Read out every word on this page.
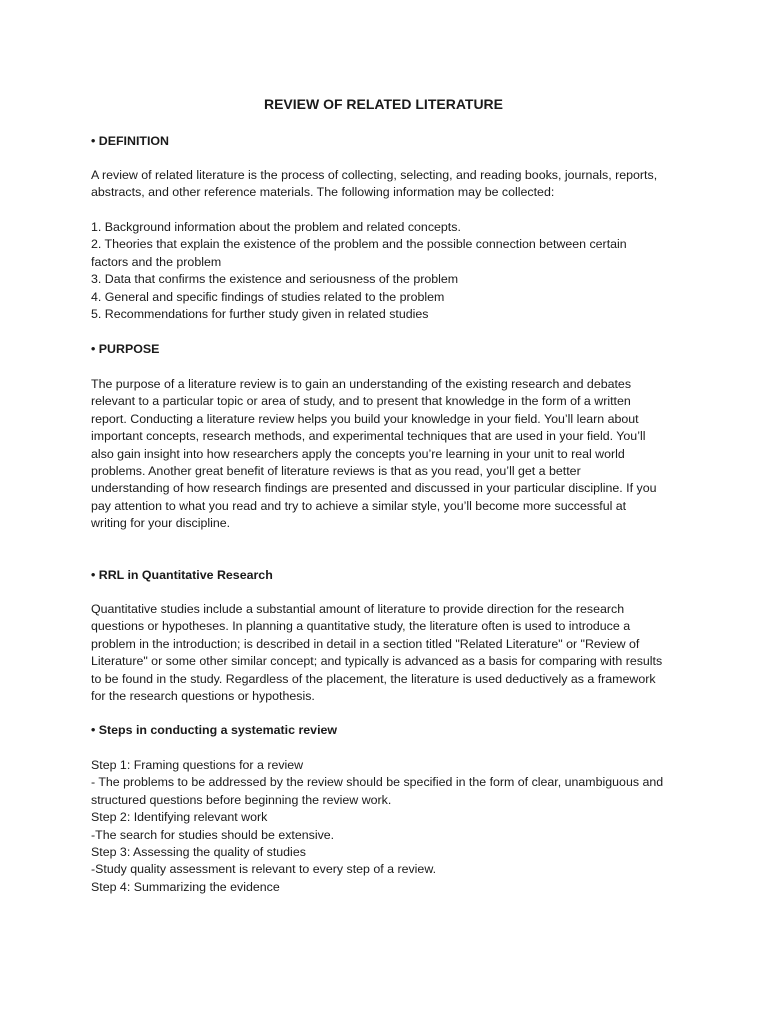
REVIEW OF RELATED LITERATURE
• DEFINITION
A review of related literature is the process of collecting, selecting, and reading books, journals, reports,
abstracts, and other reference materials. The following information may be collected:
1. Background information about the problem and related concepts.
2. Theories that explain the existence of the problem and the possible connection between certain
factors and the problem
3. Data that confirms the existence and seriousness of the problem
4. General and specific findings of studies related to the problem
5. Recommendations for further study given in related studies
• PURPOSE
The purpose of a literature review is to gain an understanding of the existing research and debates
relevant to a particular topic or area of study, and to present that knowledge in the form of a written
report. Conducting a literature review helps you build your knowledge in your field. You’ll learn about
important concepts, research methods, and experimental techniques that are used in your field. You’ll
also gain insight into how researchers apply the concepts you’re learning in your unit to real world
problems. Another great benefit of literature reviews is that as you read, you’ll get a better
understanding of how research findings are presented and discussed in your particular discipline. If you
pay attention to what you read and try to achieve a similar style, you’ll become more successful at
writing for your discipline.
• RRL in Quantitative Research
Quantitative studies include a substantial amount of literature to provide direction for the research
questions or hypotheses. In planning a quantitative study, the literature often is used to introduce a
problem in the introduction; is described in detail in a section titled "Related Literature" or "Review of
Literature" or some other similar concept; and typically is advanced as a basis for comparing with results
to be found in the study. Regardless of the placement, the literature is used deductively as a framework
for the research questions or hypothesis.
• Steps in conducting a systematic review
Step 1: Framing questions for a review
- The problems to be addressed by the review should be specified in the form of clear, unambiguous and
structured questions before beginning the review work.
Step 2: Identifying relevant work
-The search for studies should be extensive.
Step 3: Assessing the quality of studies
-Study quality assessment is relevant to every step of a review.
Step 4: Summarizing the evidence
